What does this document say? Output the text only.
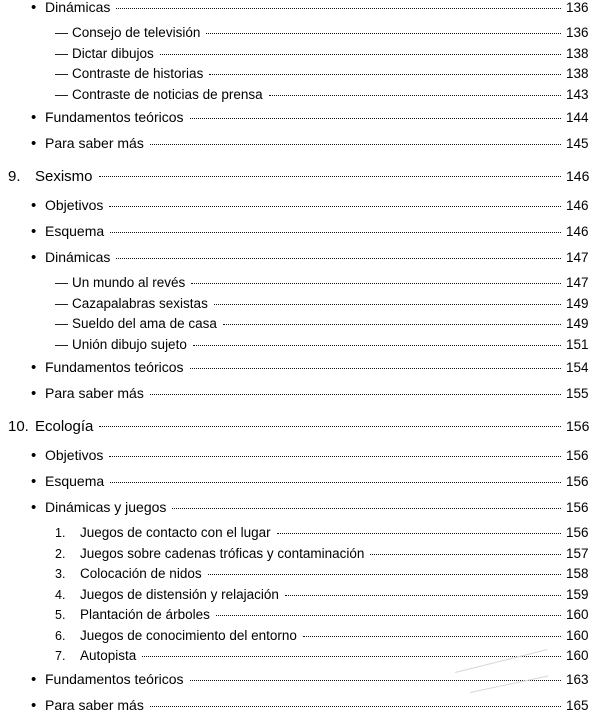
• Dinámicas	136
— Consejo de televisión	136
— Dictar dibujos	138
— Contraste de historias	138
— Contraste de noticias de prensa	143
• Fundamentos teóricos	144
• Para saber más	145
9. Sexismo	146
• Objetivos	146
• Esquema	146
• Dinámicas	147
— Un mundo al revés	147
— Cazapalabras sexistas	149
— Sueldo del ama de casa	149
— Unión dibujo sujeto	151
• Fundamentos teóricos	154
• Para saber más	155
10. Ecología	156
• Objetivos	156
• Esquema	156
• Dinámicas y juegos	156
1.	Juegos de contacto con el lugar	156
2.	Juegos sobre cadenas tróficas y contaminación	157
3.	Colocación de nidos	158
4.	Juegos de distensión y relajación	159
5.	Plantación de árboles	160
6.	Juegos de conocimiento del entorno	160
7.	Autopista	160
• Fundamentos teóricos	163
• Para saber más	165
